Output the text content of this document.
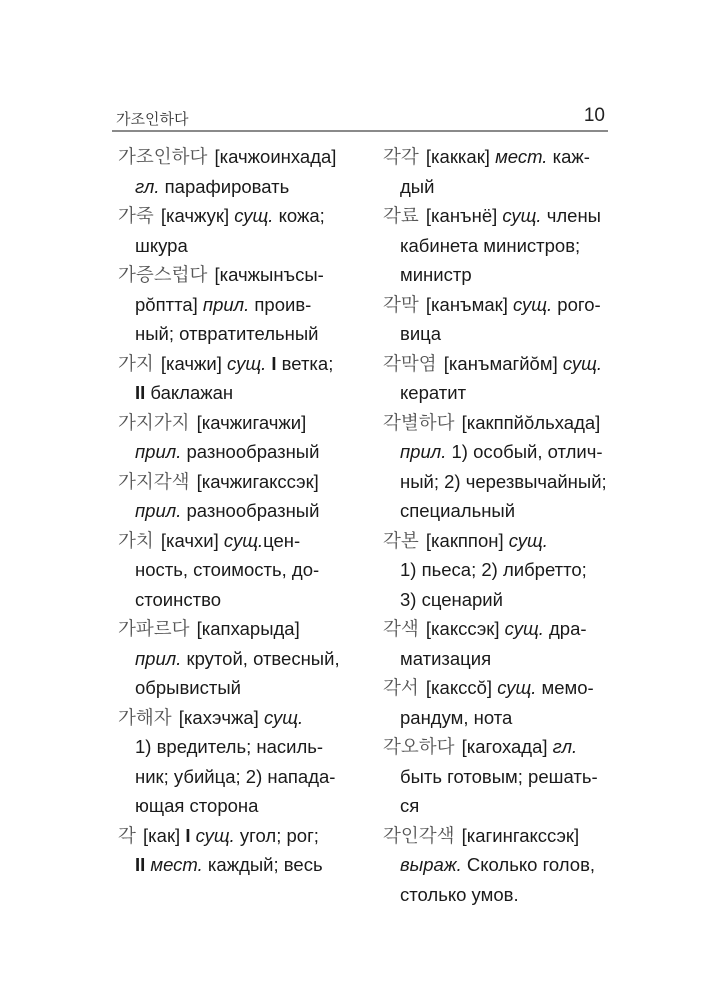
가조인하다	10
가조인하다 [качжоинхада]
гл. парафировать
가죽 [качжук] сущ. кожа;
шкура
가증스럽다 [качжынъсы-
рŏптта] прил. проив-
ный; отвратительный
가지 [качжи] сущ. I ветка;
II баклажан
가지가지 [качжигачжи]
прил. разнообразный
가지각색 [качжигакссэк]
прил. разнообразный
가치 [качхи] сущ.цен-
ность, стоимость, до-
стоинство
가파르다 [капхарыда]
прил. крутой, отвесный,
обрывистый
가해자 [кахэчжа] сущ.
1) вредитель; насиль-
ник; убийца; 2) напада-
ющая сторона
각 [как] I сущ. угол; рог;
II мест. каждый; весь
각각 [каккак] мест. каж-
дый
각료 [канънё] сущ. члены
кабинета министров;
министр
각막 [канъмак] сущ. рого-
вица
각막염 [канъмагйŏм] сущ.
кератит
각별하다 [какппйŏльхада]
прил. 1) особый, отлич-
ный; 2) черезвычайный;
специальный
각본 [какппон] сущ.
1) пьеса; 2) либретто;
3) сценарий
각색 [какссэк] сущ. дра-
матизация
각서 [какссŏ] сущ. мемо-
рандум, нота
각오하다 [кагохада] гл.
быть готовым; решать-
ся
각인각색 [кагингакссэк]
выраж. Сколько голов,
столько умов.
